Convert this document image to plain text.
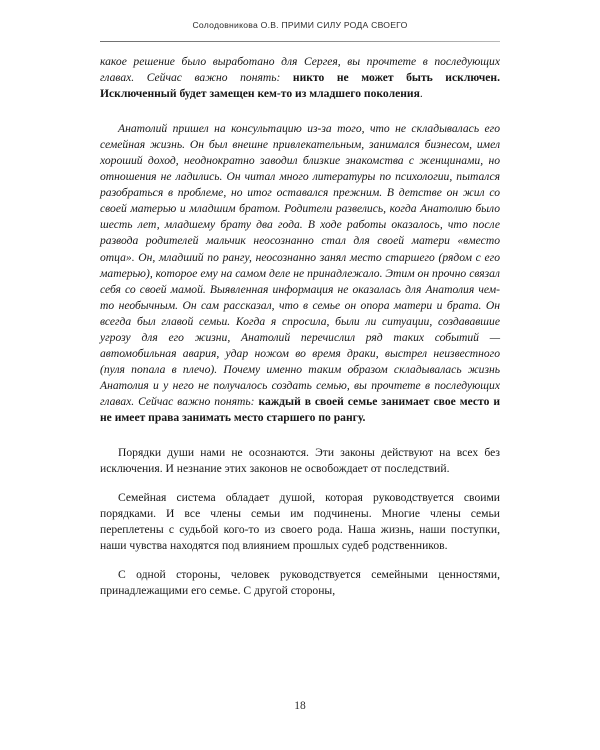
Солодовникова О.В. ПРИМИ СИЛУ РОДА СВОЕГО

какое решение было выработано для Сергея, вы прочтете в последующих главах. Сейчас важно понять: никто не может быть исключен. Исключенный будет замещен кем-то из младшего поколения.

Анатолий пришел на консультацию из-за того, что не складывалась его семейная жизнь. Он был внешне привлекательным, занимался бизнесом, имел хороший доход, неоднократно заводил близкие знакомства с женщинами, но отношения не ладились. Он читал много литературы по психологии, пытался разобраться в проблеме, но итог оставался прежним. В детстве он жил со своей матерью и младшим братом. Родители развелись, когда Анатолию было шесть лет, младшему брату два года. В ходе работы оказалось, что после развода родителей мальчик неосознанно стал для своей матери «вместо отца». Он, младший по рангу, неосознанно занял место старшего (рядом с его матерью), которое ему на самом деле не принадлежало. Этим он прочно связал себя со своей мамой. Выявленная информация не оказалась для Анатолия чем-то необычным. Он сам рассказал, что в семье он опора матери и брата. Он всегда был главой семьи. Когда я спросила, были ли ситуации, создававшие угрозу для его жизни, Анатолий перечислил ряд таких событий — автомобильная авария, удар ножом во время драки, выстрел неизвестного (пуля попала в плечо). Почему именно таким образом складывалась жизнь Анатолия и у него не получалось создать семью, вы прочтете в последующих главах. Сейчас важно понять: каждый в своей семье занимает свое место и не имеет права занимать место старшего по рангу.

Порядки души нами не осознаются. Эти законы действуют на всех без исключения. И незнание этих законов не освобождает от последствий.

Семейная система обладает душой, которая руководствуется своими порядками. И все члены семьи им подчинены. Многие члены семьи переплетены с судьбой кого-то из своего рода. Наша жизнь, наши поступки, наши чувства находятся под влиянием прошлых судеб родственников.

С одной стороны, человек руководствуется семейными ценностями, принадлежащими его семье. С другой стороны,

18
